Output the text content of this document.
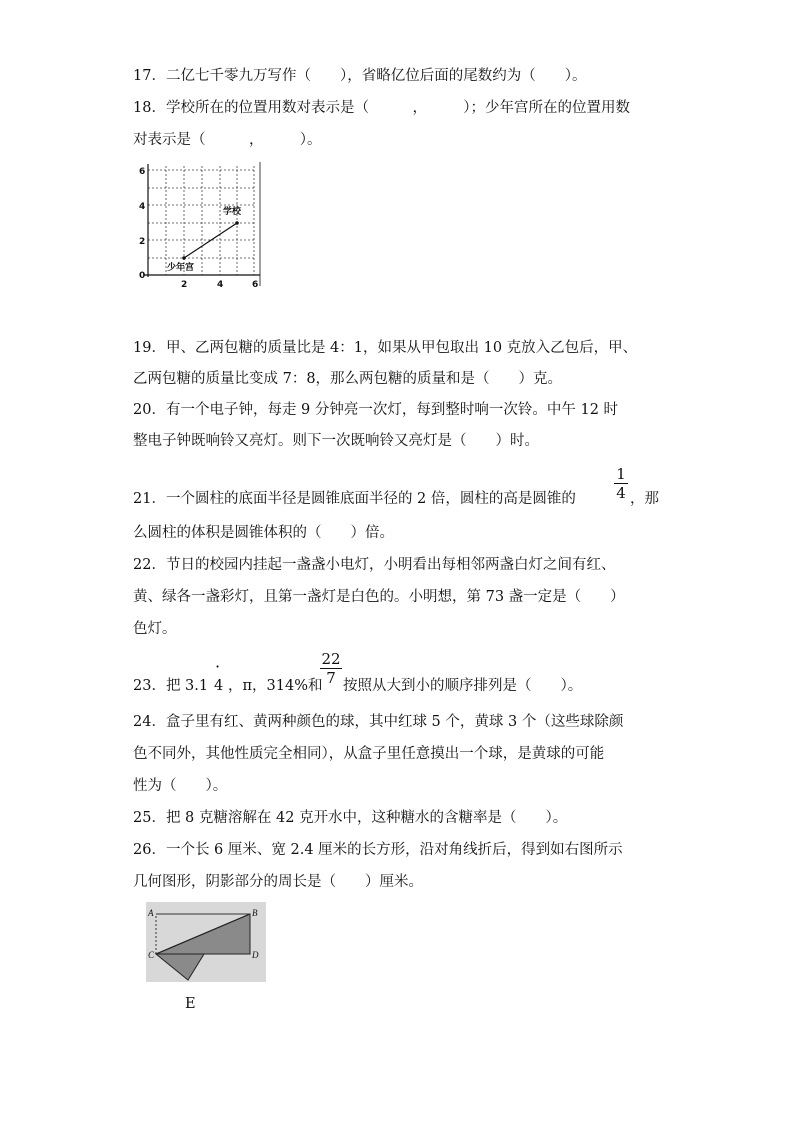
17．二亿七千零九万写作（　　），省略亿位后面的尾数约为（　　）。
18．学校所在的位置用数对表示是（　　　，　　　）；少年宫所在的位置用数
对表示是（　　　，　　　）。
6
4
2
0
2	4	6
学校
少年宫
19．甲、乙两包糖的质量比是 4：1，如果从甲包取出 10 克放入乙包后，甲、
乙两包糖的质量比变成 7：8，那么两包糖的质量和是（　　）克。
20．有一个电子钟，每走 9 分钟亮一次灯，每到整时响一次铃。中午 12 时
整电子钟既响铃又亮灯。则下一次既响铃又亮灯是（　　）时。
21．一个圆柱的底面半径是圆锥底面半径的 2 倍，圆柱的高是圆锥的	$\frac{1}{4}$ ，那
么圆柱的体积是圆锥体积的（　　）倍。
22．节日的校园内挂起一盏盏小电灯，小明看出每相邻两盏白灯之间有红、
黄、绿各一盏彩灯，且第一盏灯是白色的。小明想，第 73 盏一定是（　　）
色灯。
23．把 3.1
·
4 ，π，314%和
$\frac{22}{7}$ 按照从大到小的顺序排列是（　　）。
24．盒子里有红、黄两种颜色的球，其中红球 5 个，黄球 3 个（这些球除颜
色不同外，其他性质完全相同），从盒子里任意摸出一个球，是黄球的可能
性为（　　）。
25．把 8 克糖溶解在 42 克开水中，这种糖水的含糖率是（　　）。
26．一个长 6 厘米、宽 2.4 厘米的长方形，沿对角线折后，得到如右图所示
几何图形，阴影部分的周长是（　　）厘米。
A	B
C	D
E
